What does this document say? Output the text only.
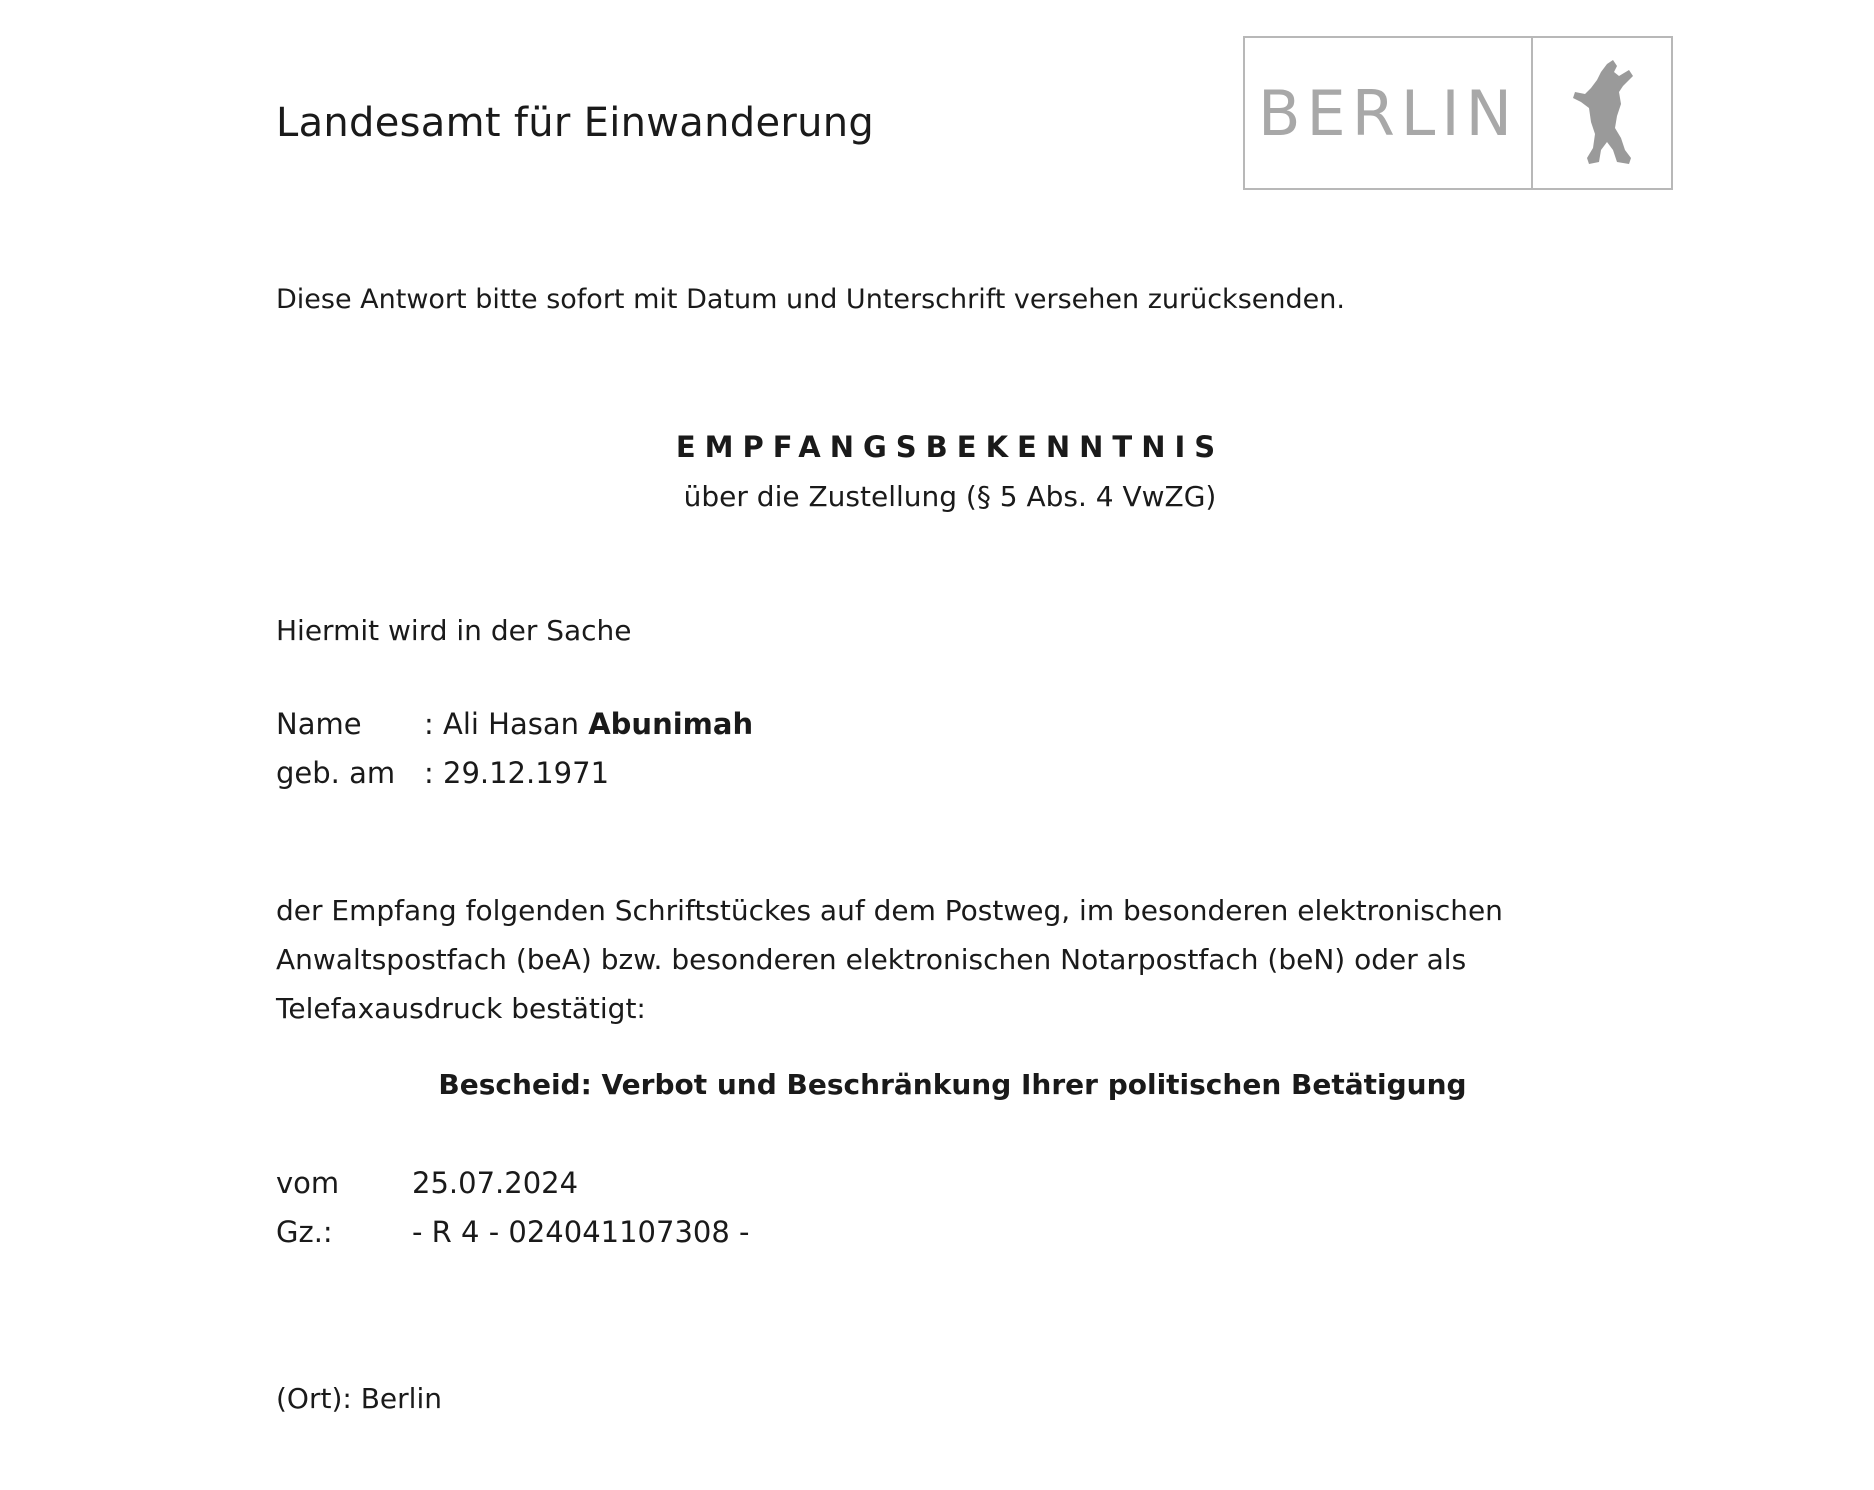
Landesamt für Einwanderung	BERLIN
Diese Antwort bitte sofort mit Datum und Unterschrift versehen zurücksenden.
EMPFANGSBEKENNTNIS
über die Zustellung (§ 5 Abs. 4 VwZG)
Hiermit wird in der Sache
Name : Ali Hasan Abunimah
geb. am : 29.12.1971
der Empfang folgenden Schriftstückes auf dem Postweg, im besonderen elektronischen Anwaltspostfach (beA) bzw. besonderen elektronischen Notarpostfach (beN) oder als Telefaxausdruck bestätigt:
Bescheid: Verbot und Beschränkung Ihrer politischen Betätigung
vom	25.07.2024
Gz.:	- R 4 - 024041107308 -
(Ort): Berlin
